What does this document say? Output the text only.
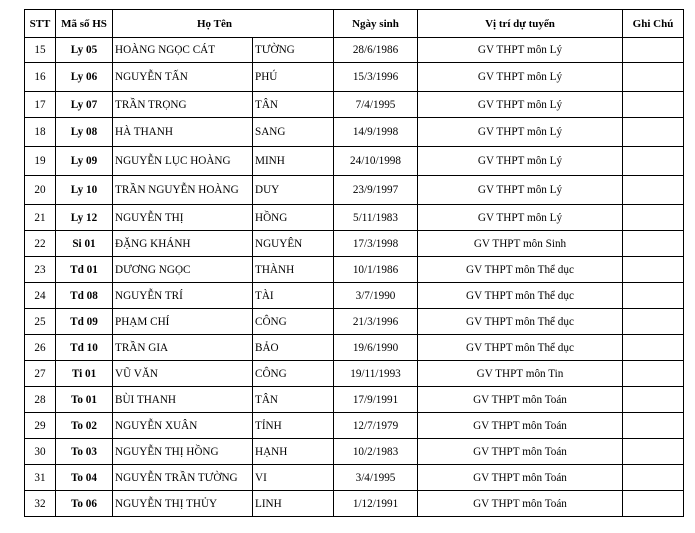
STT	Mã số HS	Họ Tên		Ngày sinh	Vị trí dự tuyển	Ghi Chú
15	Ly 05	HOÀNG NGỌC CÁT	TƯỜNG	28/6/1986	GV THPT môn Lý	
16	Ly 06	NGUYỄN TẤN	PHÚ	15/3/1996	GV THPT môn Lý	
17	Ly 07	TRẦN TRỌNG	TÂN	7/4/1995	GV THPT môn Lý	
18	Ly 08	HÀ THANH	SANG	14/9/1998	GV THPT môn Lý	
19	Ly 09	NGUYỄN LỤC HOÀNG	MINH	24/10/1998	GV THPT môn Lý	
20	Ly 10	TRẦN NGUYỄN HOÀNG	DUY	23/9/1997	GV THPT môn Lý	
21	Ly 12	NGUYỄN THỊ	HỒNG	5/11/1983	GV THPT môn Lý	
22	Si 01	ĐẶNG KHÁNH	NGUYÊN	17/3/1998	GV THPT môn Sinh	
23	Td 01	DƯƠNG NGỌC	THÀNH	10/1/1986	GV THPT môn Thể dục	
24	Td 08	NGUYỄN TRÍ	TÀI	3/7/1990	GV THPT môn Thể dục	
25	Td 09	PHẠM CHÍ	CÔNG	21/3/1996	GV THPT môn Thể dục	
26	Td 10	TRẦN GIA	BẢO	19/6/1990	GV THPT môn Thể dục	
27	Ti 01	VŨ VĂN	CÔNG	19/11/1993	GV THPT môn Tin	
28	To 01	BÙI THANH	TÂN	17/9/1991	GV THPT môn Toán	
29	To 02	NGUYỄN XUÂN	TỈNH	12/7/1979	GV THPT môn Toán	
30	To 03	NGUYỄN THỊ HỒNG	HẠNH	10/2/1983	GV THPT môn Toán	
31	To 04	NGUYỄN TRẦN TƯỜNG	VI	3/4/1995	GV THPT môn Toán	
32	To 06	NGUYỄN THỊ THỦY	LINH	1/12/1991	GV THPT môn Toán	
